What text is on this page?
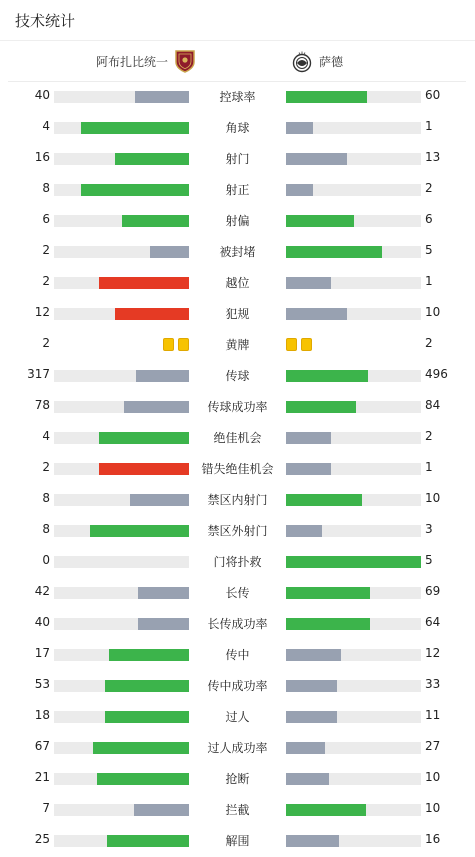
技术统计
阿布扎比统一	萨德
40	控球率	60
4	角球	1
16	射门	13
8	射正	2
6	射偏	6
2	被封堵	5
2	越位	1
12	犯规	10
2	黄牌	2
317	传球	496
78	传球成功率	84
4	绝佳机会	2
2	错失绝佳机会	1
8	禁区内射门	10
8	禁区外射门	3
0	门将扑救	5
42	长传	69
40	长传成功率	64
17	传中	12
53	传中成功率	33
18	过人	11
67	过人成功率	27
21	抢断	10
7	拦截	10
25	解围	16
